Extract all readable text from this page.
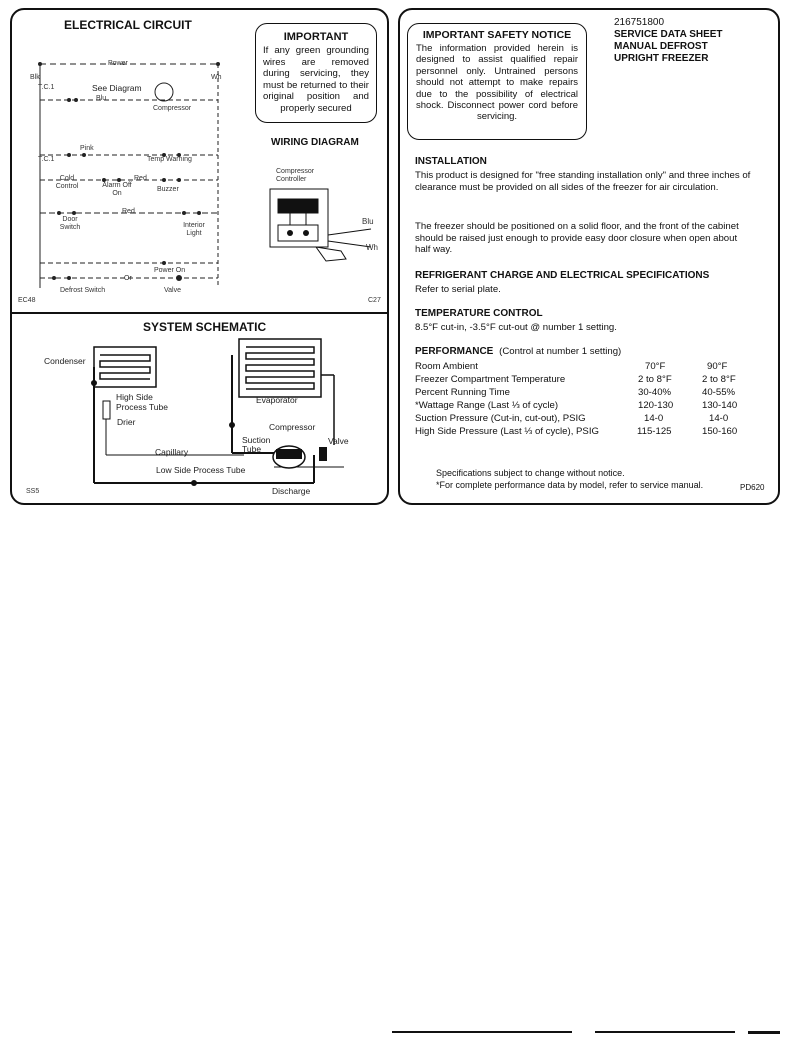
ELECTRICAL CIRCUIT
Power
Blk	Wh
T.C.1	See Diagram
Blu
Compressor
Pink
Temp Warning
T.C.1
Cold Control	Alarm Off On
Red
Buzzer
Red
Door Switch	Interior Light
Power On
Or
Defrost Switch	Valve
EC48	C27
IMPORTANT
If any green grounding wires are removed during servicing, they must be returned to their original position and properly secured
WIRING DIAGRAM
Compressor Controller
Blu
Wh
SYSTEM SCHEMATIC
Condenser
High Side Process Tube
Drier
Evaporator
Compressor
Suction Tube
Valve
Capillary
Low Side Process Tube
Discharge
SS5
IMPORTANT SAFETY NOTICE
The information provided herein is designed to assist qualified repair personnel only. Untrained persons should not attempt to make repairs due to the possibility of electrical shock. Disconnect power cord before servicing.
216751800
SERVICE DATA SHEET
MANUAL DEFROST
UPRIGHT FREEZER
INSTALLATION
This product is designed for "free standing installation only" and three inches of clearance must be provided on all sides of the freezer for air circulation.
The freezer should be positioned on a solid floor, and the front of the cabinet should be raised just enough to provide easy door closure when open about half way.
REFRIGERANT CHARGE AND ELECTRICAL SPECIFICATIONS
Refer to serial plate.
TEMPERATURE CONTROL
8.5°F cut-in, -3.5°F cut-out @ number 1 setting.
PERFORMANCE (Control at number 1 setting)
Room Ambient	70°F	90°F
Freezer Compartment Temperature	2 to 8°F	2 to 8°F
Percent Running Time	30-40%	40-55%
*Wattage Range (Last ⅓ of cycle)	120-130	130-140
Suction Pressure (Cut-in, cut-out), PSIG	14-0	14-0
High Side Pressure (Last ⅓ of cycle), PSIG	115-125	150-160
Specifications subject to change without notice.
*For complete performance data by model, refer to service manual.	PD620
